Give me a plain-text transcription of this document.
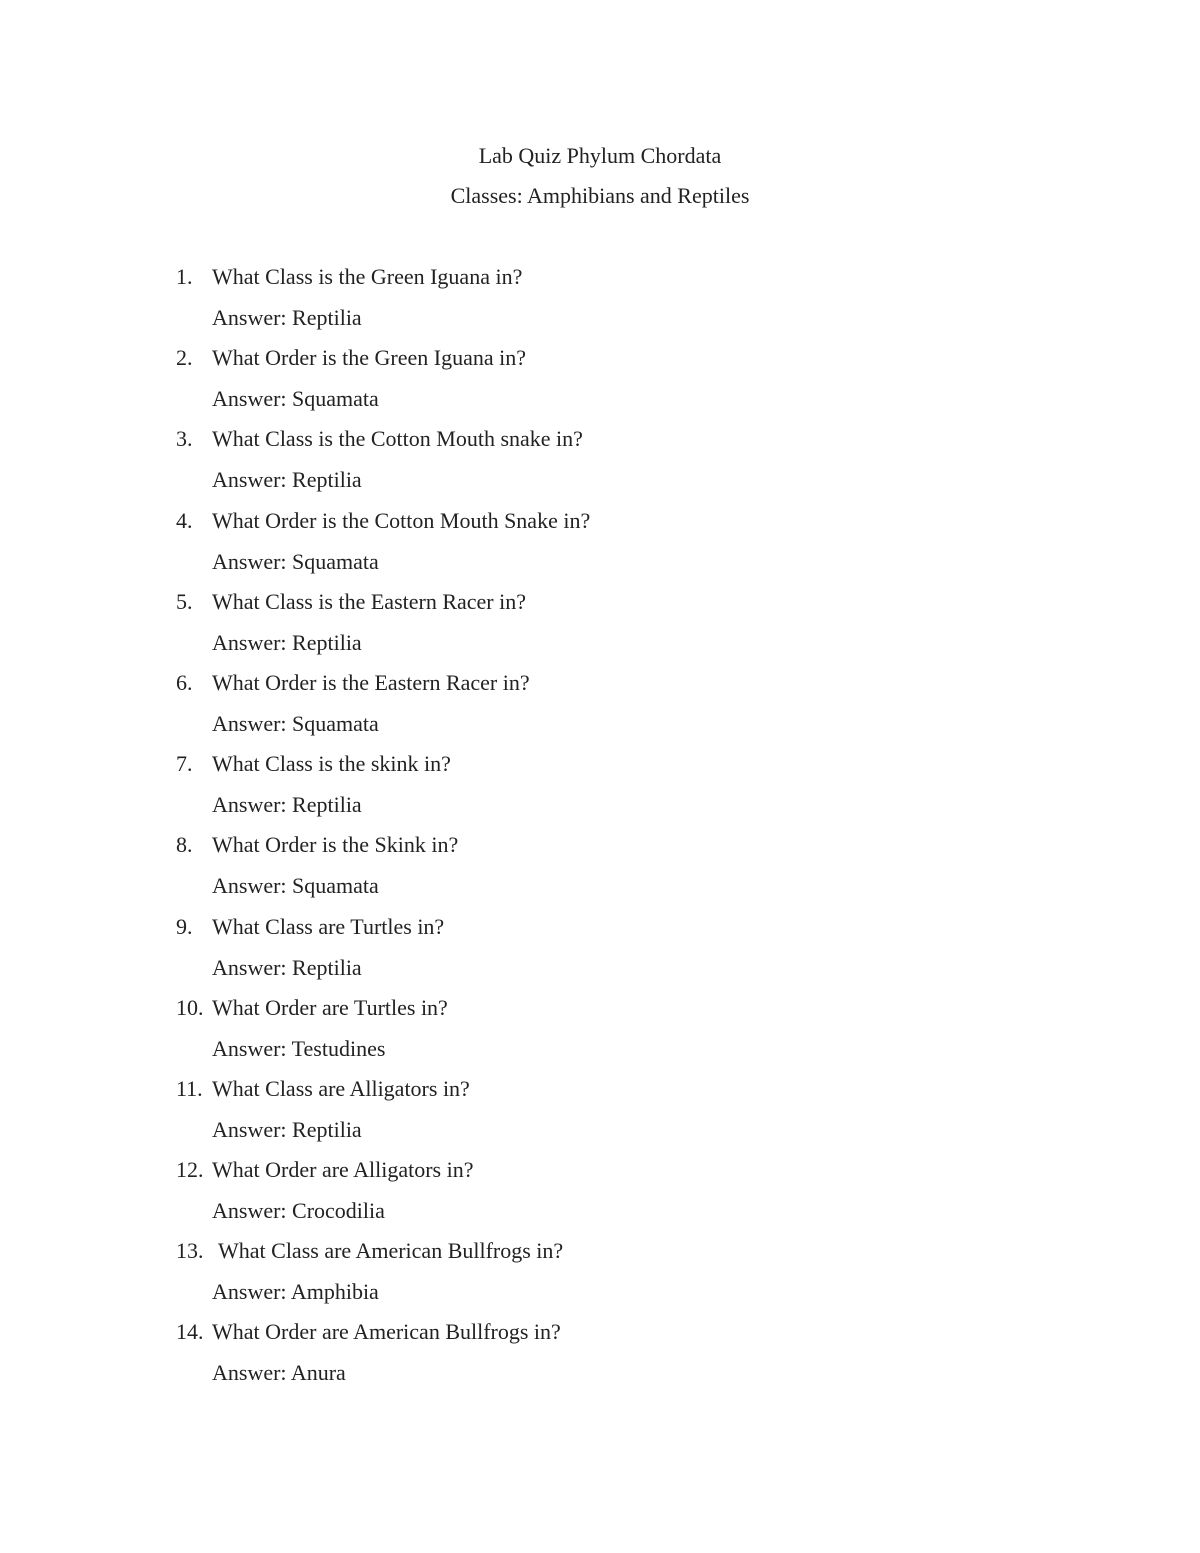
Lab Quiz Phylum Chordata
Classes: Amphibians and Reptiles
1. What Class is the Green Iguana in?
Answer: Reptilia
2. What Order is the Green Iguana in?
Answer: Squamata
3. What Class is the Cotton Mouth snake in?
Answer: Reptilia
4. What Order is the Cotton Mouth Snake in?
Answer: Squamata
5. What Class is the Eastern Racer in?
Answer: Reptilia
6. What Order is the Eastern Racer in?
Answer: Squamata
7. What Class is the skink in?
Answer: Reptilia
8. What Order is the Skink in?
Answer: Squamata
9. What Class are Turtles in?
Answer: Reptilia
10. What Order are Turtles in?
Answer: Testudines
11. What Class are Alligators in?
Answer: Reptilia
12. What Order are Alligators in?
Answer: Crocodilia
13. What Class are American Bullfrogs in?
Answer: Amphibia
14. What Order are American Bullfrogs in?
Answer: Anura
